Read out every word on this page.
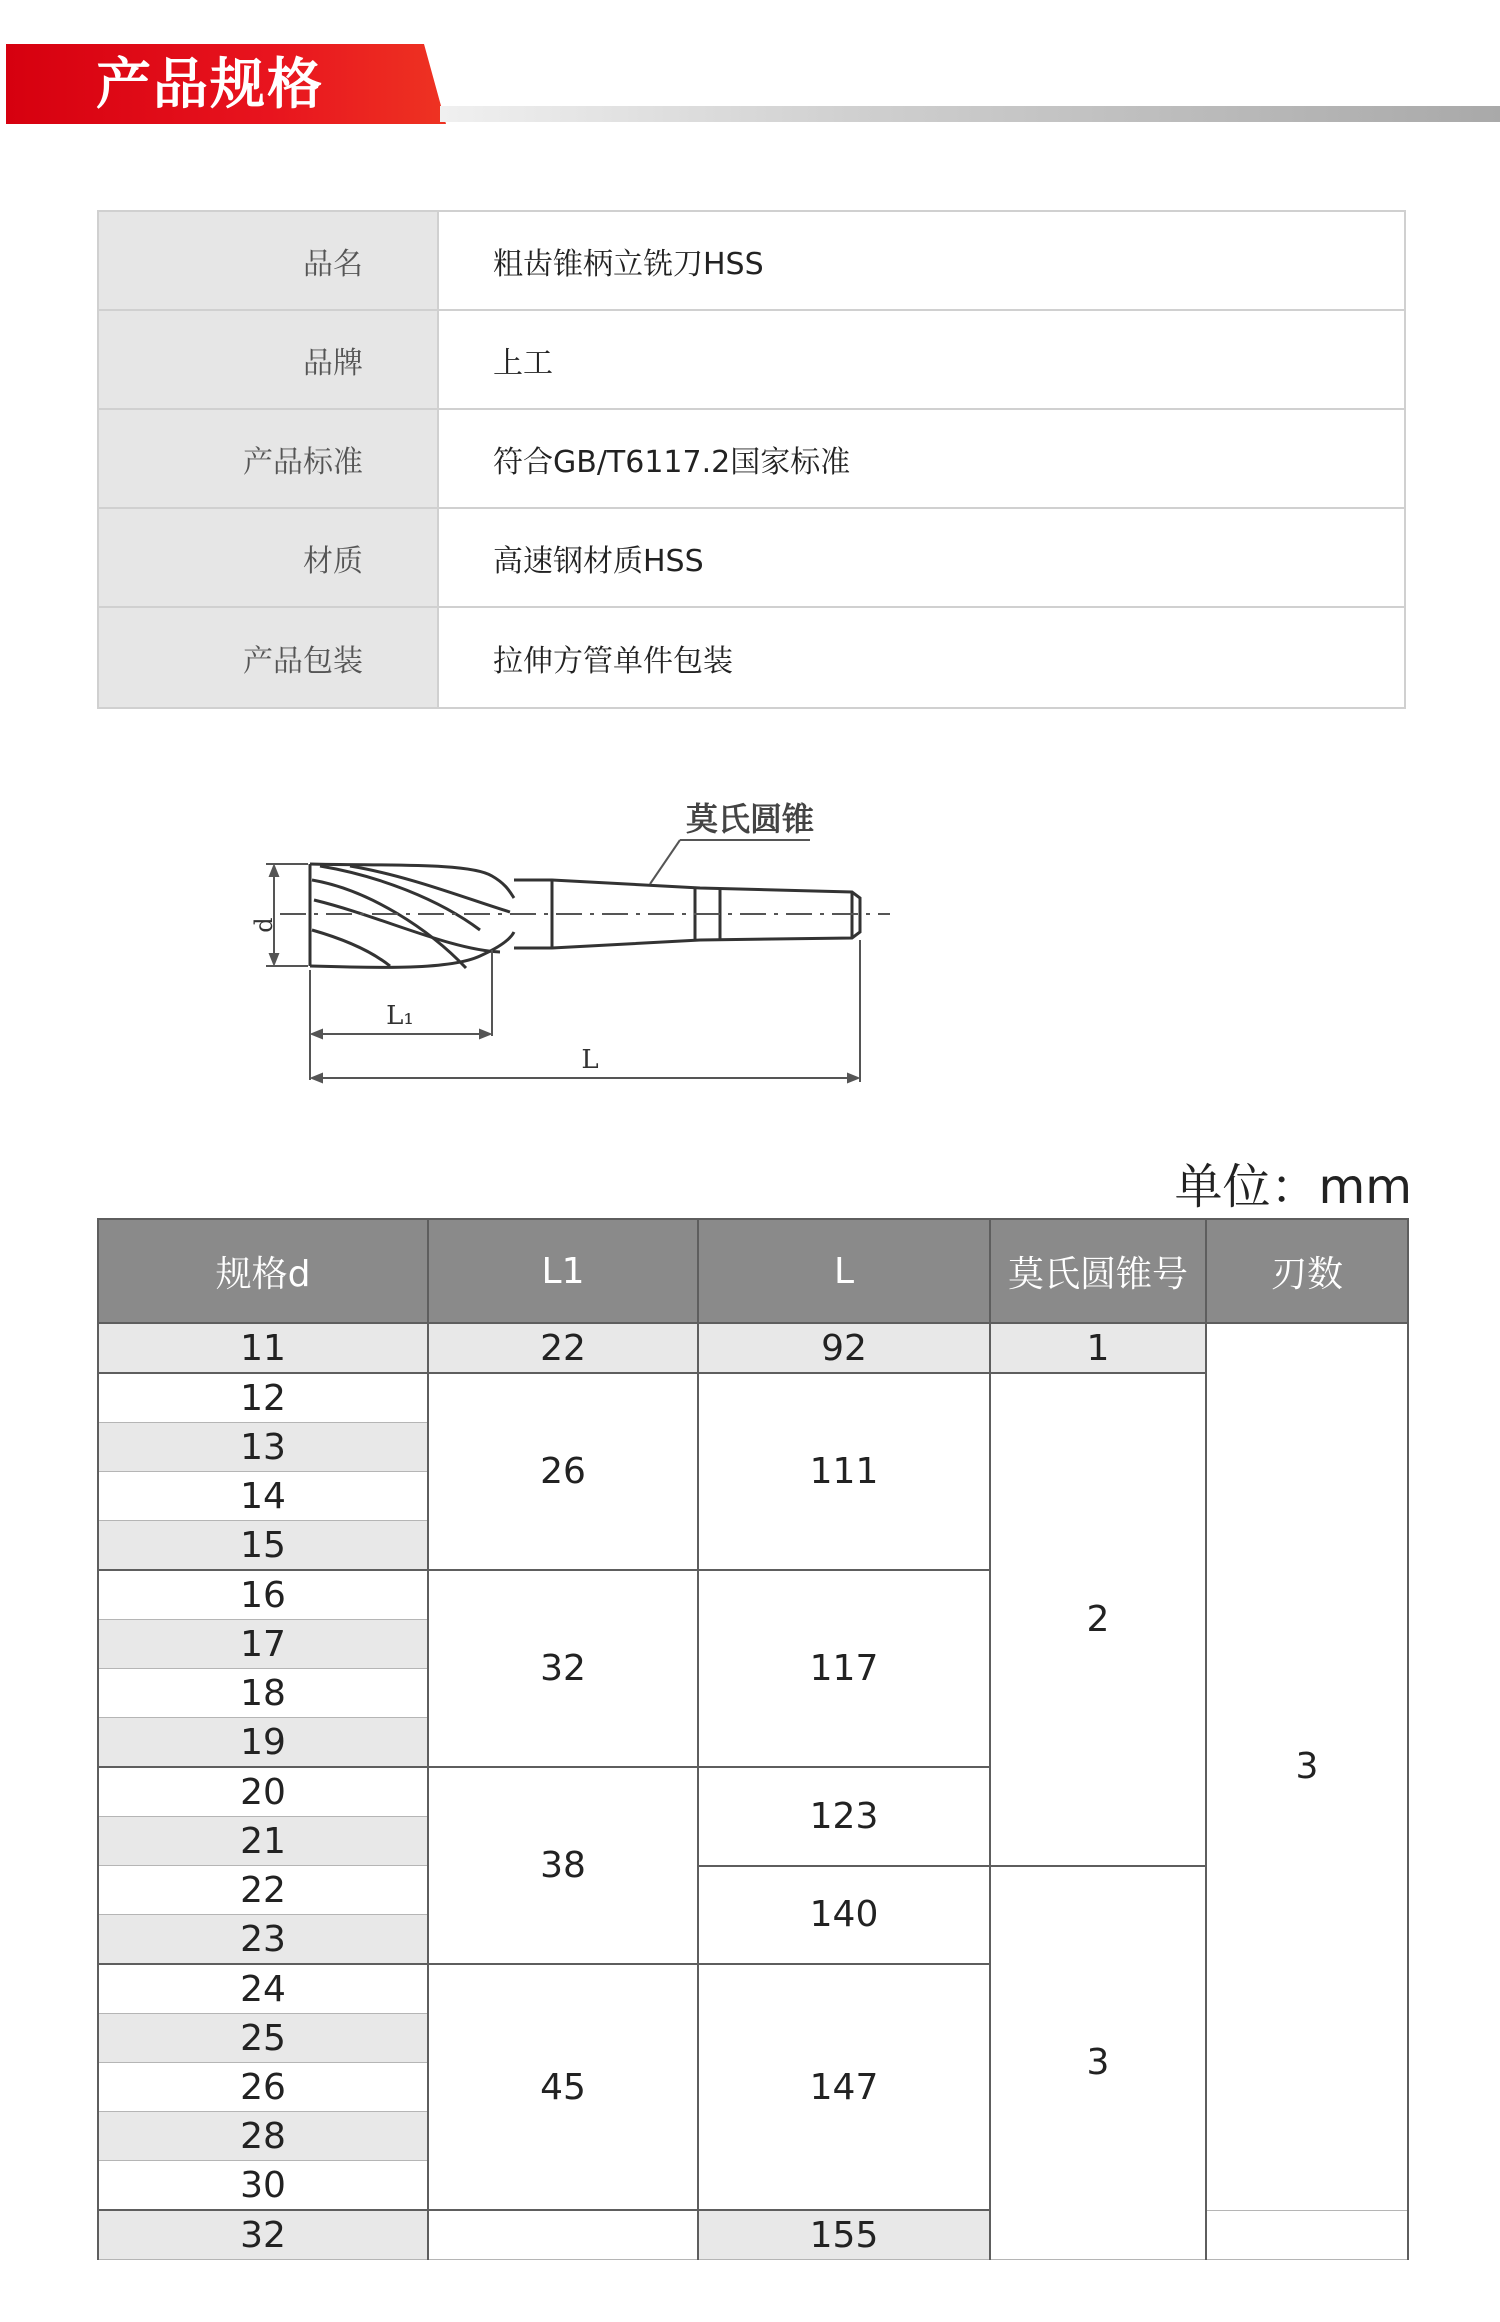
产品规格
品名	粗齿锥柄立铣刀HSS
品牌	上工
产品标准	符合GB/T6117.2国家标准
材质	高速钢材质HSS
产品包装	拉伸方管单件包装
d
L₁
L
莫氏圆锥
单位：mm
规格d	L1	L	莫氏圆锥号	刃数	
11	22	92	1	3	
12	26	111	2		
13					
14					
15					
16	32	117			
17					
18					
19					
20	38	123			
21					
22		140	3		
23					
24	45	147			
25					
26					
28					
30					
32		155			
